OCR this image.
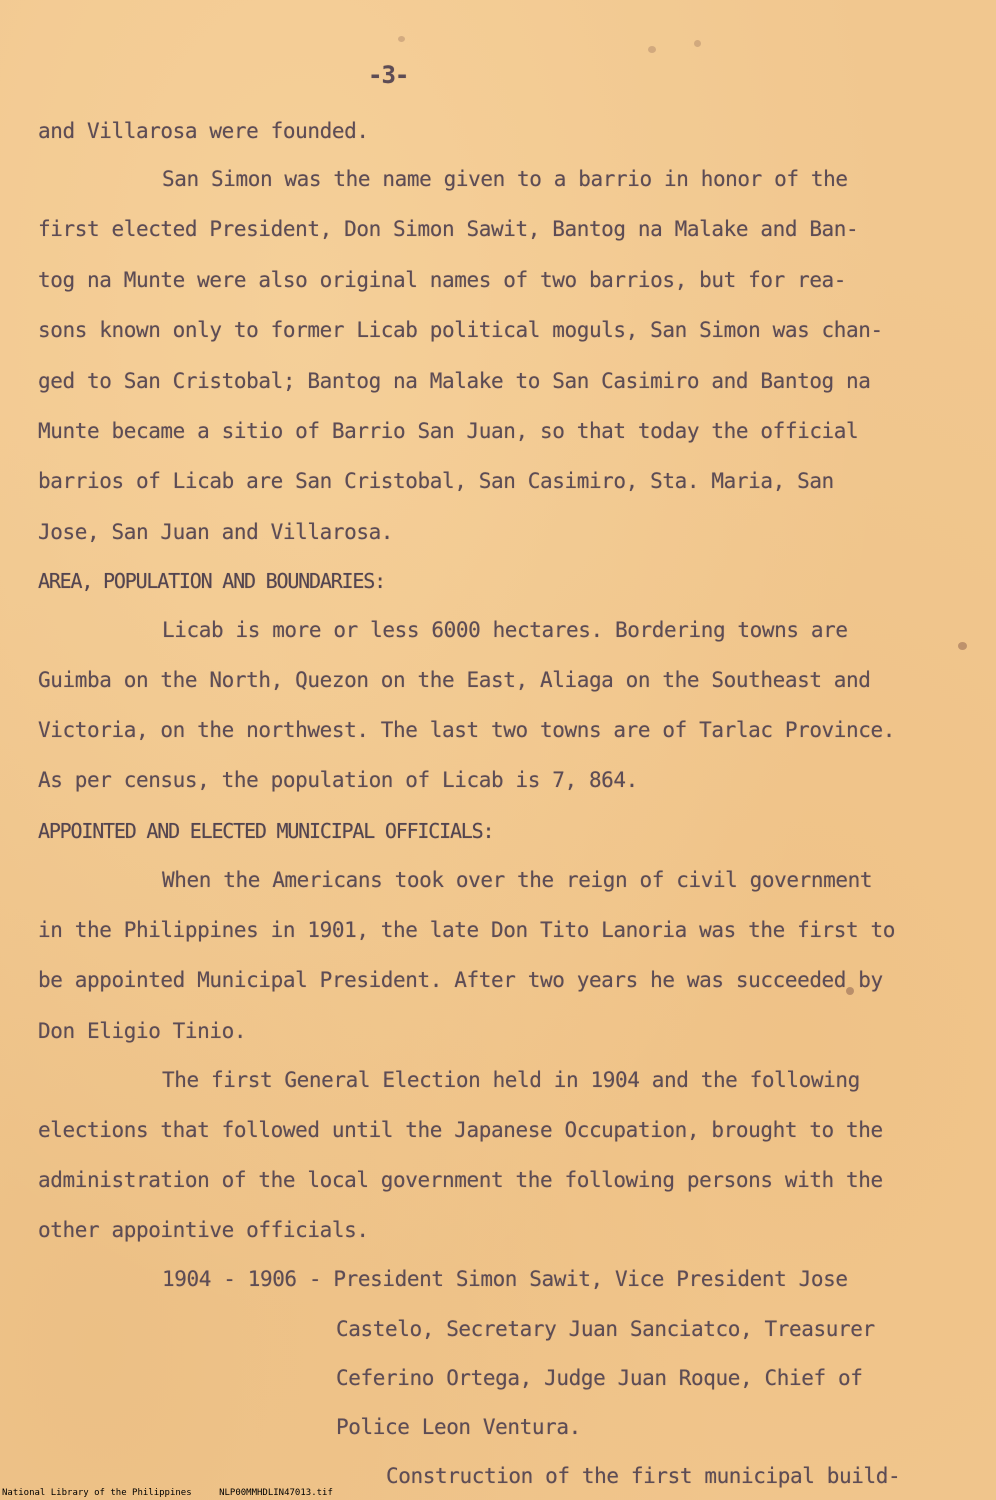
-3-
and Villarosa were founded.
San Simon was the name given to a barrio in honor of the
first elected President, Don Simon Sawit, Bantog na Malake and Ban-
tog na Munte were also original names of two barrios, but for rea-
sons known only to former Licab political moguls, San Simon was chan-
ged to San Cristobal; Bantog na Malake to San Casimiro and Bantog na
Munte became a sitio of Barrio San Juan, so that today the official
barrios of Licab are San Cristobal, San Casimiro, Sta. Maria, San
Jose, San Juan and Villarosa.
AREA, POPULATION AND BOUNDARIES:
Licab is more or less 6000 hectares. Bordering towns are
Guimba on the North, Quezon on the East, Aliaga on the Southeast and
Victoria, on the northwest. The last two towns are of Tarlac Province.
As per census, the population of Licab is 7, 864.
APPOINTED AND ELECTED MUNICIPAL OFFICIALS:
When the Americans took over the reign of civil government
in the Philippines in 1901, the late Don Tito Lanoria was the first to
be appointed Municipal President. After two years he was succeeded by
Don Eligio Tinio.
The first General Election held in 1904 and the following
elections that followed until the Japanese Occupation, brought to the
administration of the local government the following persons with the
other appointive officials.
1904 - 1906 - President Simon Sawit, Vice President Jose
Castelo, Secretary Juan Sanciatco, Treasurer
Ceferino Ortega, Judge Juan Roque, Chief of
Police Leon Ventura.
Construction of the first municipal build-
National Library of the Philippines	NLP00MMHDLIN47013.tif
